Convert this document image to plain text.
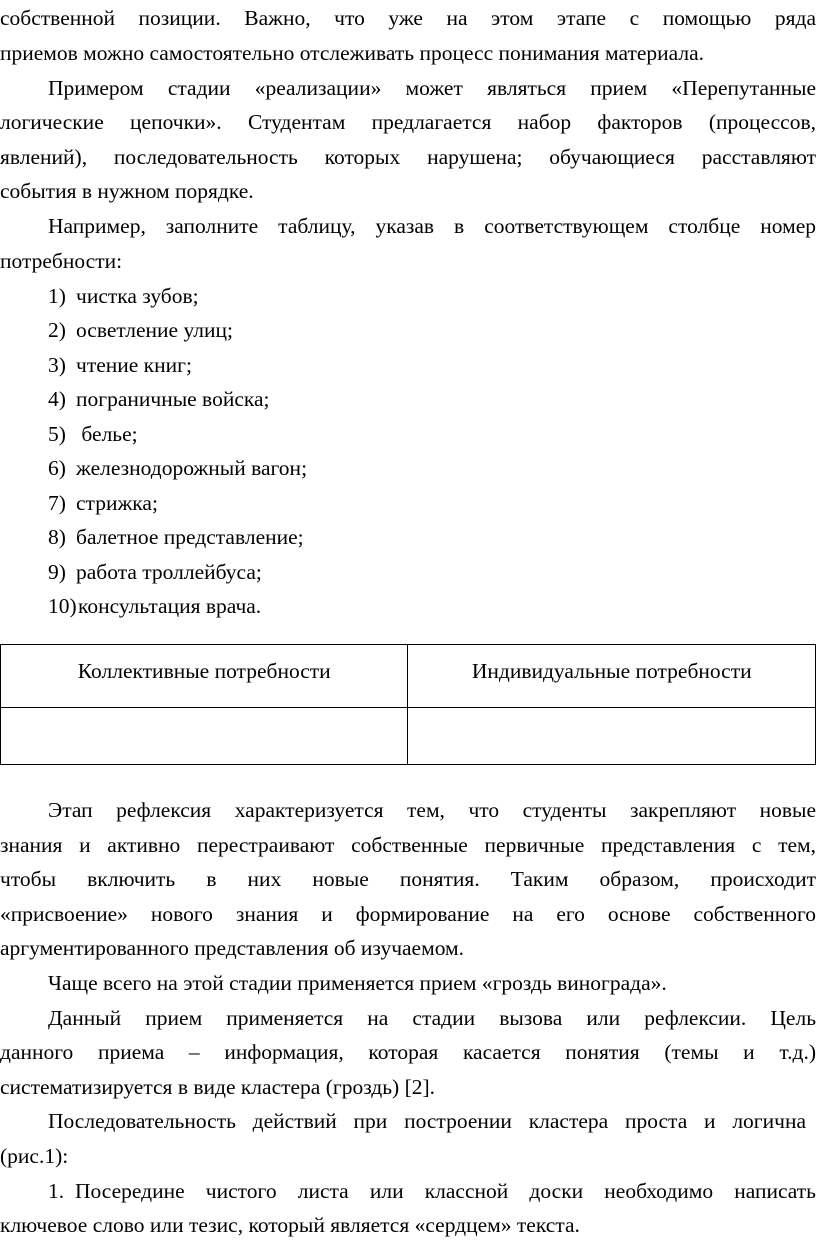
собственной позиции. Важно, что уже на этом этапе с помощью ряда
приемов можно самостоятельно отслеживать процесс понимания материала.
Примером стадии «реализации» может являться прием «Перепутанные
логические цепочки». Студентам предлагается набор факторов (процессов,
явлений), последовательность которых нарушена; обучающиеся расставляют
события в нужном порядке.
Например, заполните таблицу, указав в соответствующем столбце номер
потребности:
1) чистка зубов;
2) осветление улиц;
3) чтение книг;
4) пограничные войска;
5) белье;
6) железнодорожный вагон;
7) стрижка;
8) балетное представление;
9) работа троллейбуса;
10)консультация врача.
Коллективные потребности	Индивидуальные потребности

Этап рефлексия характеризуется тем, что студенты закрепляют новые
знания и активно перестраивают собственные первичные представления с тем,
чтобы включить в них новые понятия. Таким образом, происходит
«присвоение» нового знания и формирование на его основе собственного
аргументированного представления об изучаемом.
Чаще всего на этой стадии применяется прием «гроздь винограда».
Данный прием применяется на стадии вызова или рефлексии. Цель
данного приема – информация, которая касается понятия (темы и т.д.)
систематизируется в виде кластера (гроздь) [2].
Последовательность действий при построении кластера проста и логична
(рис.1):
1. Посередине чистого листа или классной доски необходимо написать
ключевое слово или тезис, который является «сердцем» текста.
